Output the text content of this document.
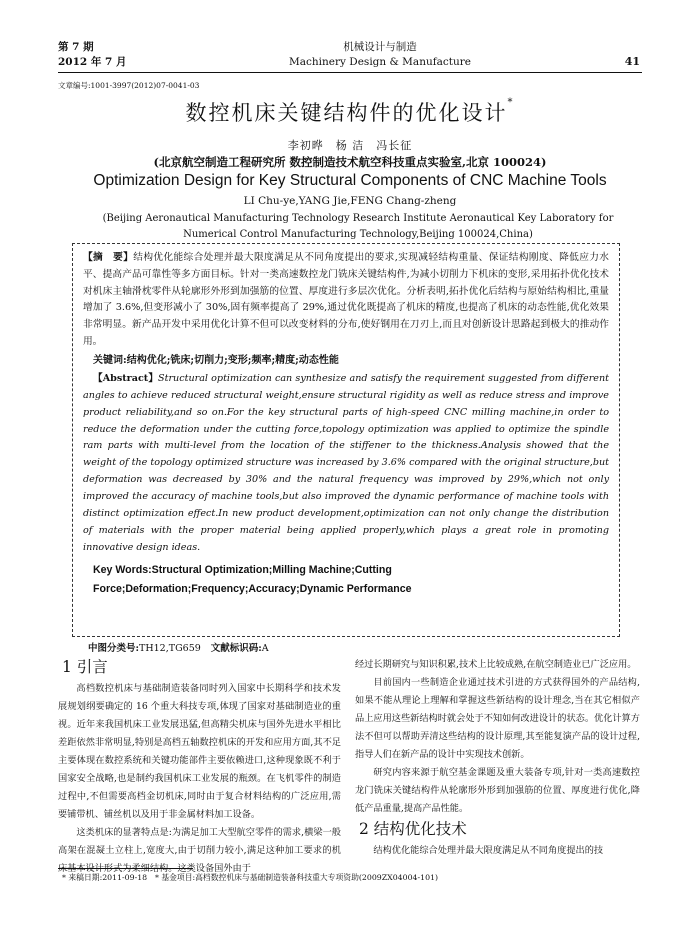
第 7 期
2012 年 7 月
机械设计与制造
Machinery Design & Manufacture	41
文章编号:1001-3997(2012)07-0041-03
数控机床关键结构件的优化设计*
李初晔　杨 洁　冯长征
(北京航空制造工程研究所 数控制造技术航空科技重点实验室,北京 100024)
Optimization Design for Key Structural Components of CNC Machine Tools
LI Chu-ye,YANG Jie,FENG Chang-zheng
(Beijing Aeronautical Manufacturing Technology Research Institute Aeronautical Key Laboratory for Numerical Control Manufacturing Technology,Beijing 100024,China)

【摘　要】结构优化能综合处理并最大限度满足从不同角度提出的要求,实现减轻结构重量、保证结构刚度、降低应力水平、提高产品可靠性等多方面目标。针对一类高速数控龙门铣床关键结构件,为减小切削力下机床的变形,采用拓扑优化技术对机床主轴滑枕零件从轮廓形外形到加强筋的位置、厚度进行多层次优化。分析表明,拓扑优化后结构与原始结构相比,重量增加了 3.6%,但变形减小了 30%,固有频率提高了 29%,通过优化既提高了机床的精度,也提高了机床的动态性能,优化效果非常明显。新产品开发中采用优化计算不但可以改变材料的分布,使好钢用在刀刃上,而且对创新设计思路起到极大的推动作用。

关键词:结构优化;铣床;切削力;变形;频率;精度;动态性能

【Abstract】Structural optimization can synthesize and satisfy the requirement suggested from different angles to achieve reduced structural weight,ensure structural rigidity as well as reduce stress and improve product reliability,and so on.For the key structural parts of high-speed CNC milling machine,in order to reduce the deformation under the cutting force,topology optimization was applied to optimize the spindle ram parts with multi-level from the location of the stiffener to the thickness.Analysis showed that the weight of the topology optimized structure was increased by 3.6% compared with the original structure,but deformation was decreased by 30% and the natural frequency was improved by 29%,which not only improved the accuracy of machine tools,but also improved the dynamic performance of machine tools with distinct optimization effect.In new product development,optimization can not only change the distribution of materials with the proper material being applied properly,which plays a great role in promoting innovative design ideas.

Key Words:Structural Optimization;Milling Machine;Cutting Force;Deformation;Frequency;Accuracy;Dynamic Performance

中图分类号:TH12,TG659 文献标识码:A
1 引言

高档数控机床与基础制造装备同时列入国家中长期科学和技术发展规划纲要确定的 16 个重大科技专项,体现了国家对基础制造业的重视。近年来我国机床工业发展迅猛,但高精尖机床与国外先进水平相比差距依然非常明显,特别是高档五轴数控机床的开发和应用方面,其不足主要体现在数控系统和关键功能部件主要依赖进口,这种现象既不利于国家安全战略,也是制约我国机床工业发展的瓶颈。在飞机零件的制造过程中,不但需要高档金切机床,同时由于复合材料结构的广泛应用,需要铺带机、铺丝机以及用于非金属材料加工设备。

这类机床的显著特点是:为满足加工大型航空零件的需求,横梁一般高架在混凝土立柱上,宽度大,由于切削力较小,满足这种加工要求的机床基本设计形式为柔细结构。这类设备国外由于

经过长期研究与知识积累,技术上比较成熟,在航空制造业已广泛应用。

目前国内一些制造企业通过技术引进的方式获得国外的产品结构,如果不能从理论上理解和掌握这些新结构的设计理念,当在其它相似产品上应用这些新结构时就会处于不知如何改进设计的状态。优化计算方法不但可以帮助弄清这些结构的设计原理,其至能复演产品的设计过程,指导人们在新产品的设计中实现技术创新。

研究内容来源于航空基金课题及重大装备专项,针对一类高速数控龙门铣床关键结构件从轮廓形外形到加强筋的位置、厚度进行优化,降低产品重量,提高产品性能。

2 结构优化技术

结构优化能综合处理并最大限度满足从不同角度提出的技

* 来稿日期:2011-09-18　* 基金项目:高档数控机床与基础制造装备科技重大专项资助(2009ZX04004-101)
